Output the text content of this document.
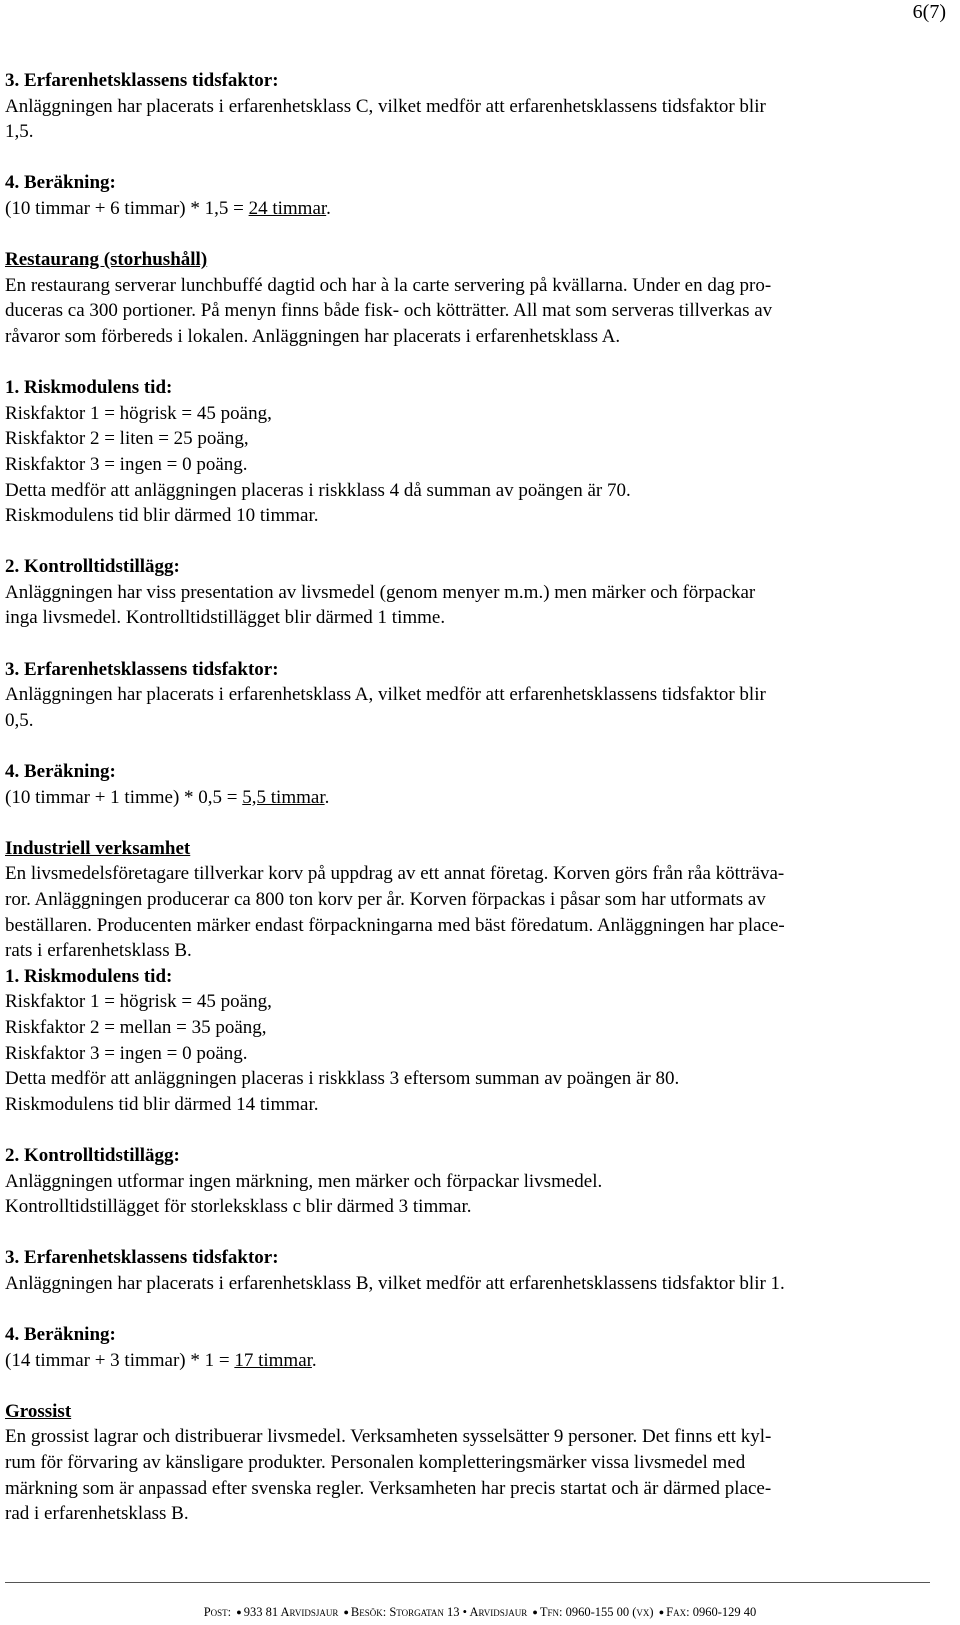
6(7)

3. Erfarenhetsklassens tidsfaktor:

Anläggningen har placerats i erfarenhetsklass C, vilket medför att erfarenhetsklassens tidsfaktor blir

1,5.

4. Beräkning:

(10 timmar + 6 timmar) * 1,5 = 24 timmar.

Restaurang (storhushåll)

En restaurang serverar lunchbuffé dagtid och har à la carte servering på kvällarna. Under en dag pro-

duceras ca 300 portioner. På menyn finns både fisk- och kötträtter. All mat som serveras tillverkas av

råvaror som förbereds i lokalen. Anläggningen har placerats i erfarenhetsklass A.

1. Riskmodulens tid:

Riskfaktor 1 = högrisk = 45 poäng,

Riskfaktor 2 = liten = 25 poäng,

Riskfaktor 3 = ingen = 0 poäng.

Detta medför att anläggningen placeras i riskklass 4 då summan av poängen är 70.

Riskmodulens tid blir därmed 10 timmar.

2. Kontrolltidstillägg:

Anläggningen har viss presentation av livsmedel (genom menyer m.m.) men märker och förpackar

inga livsmedel. Kontrolltidstillägget blir därmed 1 timme.

3. Erfarenhetsklassens tidsfaktor:

Anläggningen har placerats i erfarenhetsklass A, vilket medför att erfarenhetsklassens tidsfaktor blir

0,5.

4. Beräkning:

(10 timmar + 1 timme) * 0,5 = 5,5 timmar.

Industriell verksamhet

En livsmedelsföretagare tillverkar korv på uppdrag av ett annat företag. Korven görs från råa kötträva-

ror. Anläggningen producerar ca 800 ton korv per år. Korven förpackas i påsar som har utformats av

beställaren. Producenten märker endast förpackningarna med bäst föredatum. Anläggningen har place-

rats i erfarenhetsklass B.

1. Riskmodulens tid:

Riskfaktor 1 = högrisk = 45 poäng,

Riskfaktor 2 = mellan = 35 poäng,

Riskfaktor 3 = ingen = 0 poäng.

Detta medför att anläggningen placeras i riskklass 3 eftersom summan av poängen är 80.

Riskmodulens tid blir därmed 14 timmar.

2. Kontrolltidstillägg:

Anläggningen utformar ingen märkning, men märker och förpackar livsmedel.

Kontrolltidstillägget för storleksklass c blir därmed 3 timmar.

3. Erfarenhetsklassens tidsfaktor:

Anläggningen har placerats i erfarenhetsklass B, vilket medför att erfarenhetsklassens tidsfaktor blir 1.

4. Beräkning:

(14 timmar + 3 timmar) * 1 = 17 timmar.

Grossist

En grossist lagrar och distribuerar livsmedel. Verksamheten sysselsätter 9 personer. Det finns ett kyl-

rum för förvaring av känsligare produkter. Personalen kompletteringsmärker vissa livsmedel med

märkning som är anpassad efter svenska regler. Verksamheten har precis startat och är därmed place-

rad i erfarenhetsklass B.

Post: ● 933 81 Arvidsjaur ● Besök: Storgatan 13 • Arvidsjaur ● Tfn: 0960-155 00 (vx) ● Fax: 0960-129 40
